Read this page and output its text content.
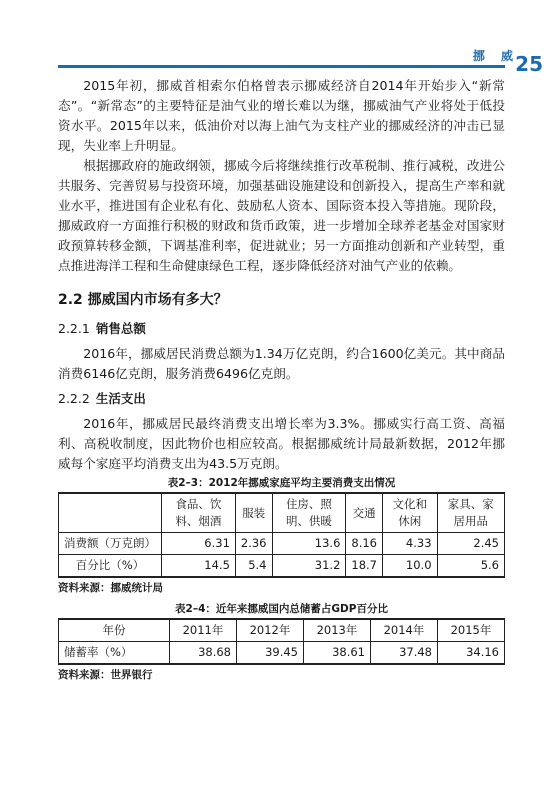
挪 威
25

2015年初，挪威首相索尔伯格曾表示挪威经济自2014年开始步入“新常态”。“新常态”的主要特征是油气业的增长难以为继，挪威油气产业将处于低投资水平。2015年以来，低油价对以海上油气为支柱产业的挪威经济的冲击已显现，失业率上升明显。

根据挪政府的施政纲领，挪威今后将继续推行改革税制、推行减税，改进公共服务、完善贸易与投资环境，加强基础设施建设和创新投入，提高生产率和就业水平，推进国有企业私有化、鼓励私人资本、国际资本投入等措施。现阶段，挪威政府一方面推行积极的财政和货币政策，进一步增加全球养老基金对国家财政预算转移金额，下调基准利率，促进就业；另一方面推动创新和产业转型，重点推进海洋工程和生命健康绿色工程，逐步降低经济对油气产业的依赖。

2.2 挪威国内市场有多大？
2.2.1 销售总额

2016年，挪威居民消费总额为1.34万亿克朗，约合1600亿美元。其中商品消费6146亿克朗，服务消费6496亿克朗。

2.2.2 生活支出

2016年，挪威居民最终消费支出增长率为3.3%。挪威实行高工资、高福利、高税收制度，因此物价也相应较高。根据挪威统计局最新数据，2012年挪威每个家庭平均消费支出为43.5万克朗。

表2–3：2012年挪威家庭平均主要消费支出情况
	食品、饮料、烟酒	服装	住房、照明、供暖	交通	文化和休闲	家具、家居用品
消费额（万克朗）	6.31	2.36	13.6	8.16	4.33	2.45
百分比（%）	14.5	5.4	31.2	18.7	10.0	5.6
资料来源：挪威统计局
表2–4：近年来挪威国内总储蓄占GDP百分比
年份	2011年	2012年	2013年	2014年	2015年
储蓄率（%）	38.68	39.45	38.61	37.48	34.16
资料来源：世界银行
